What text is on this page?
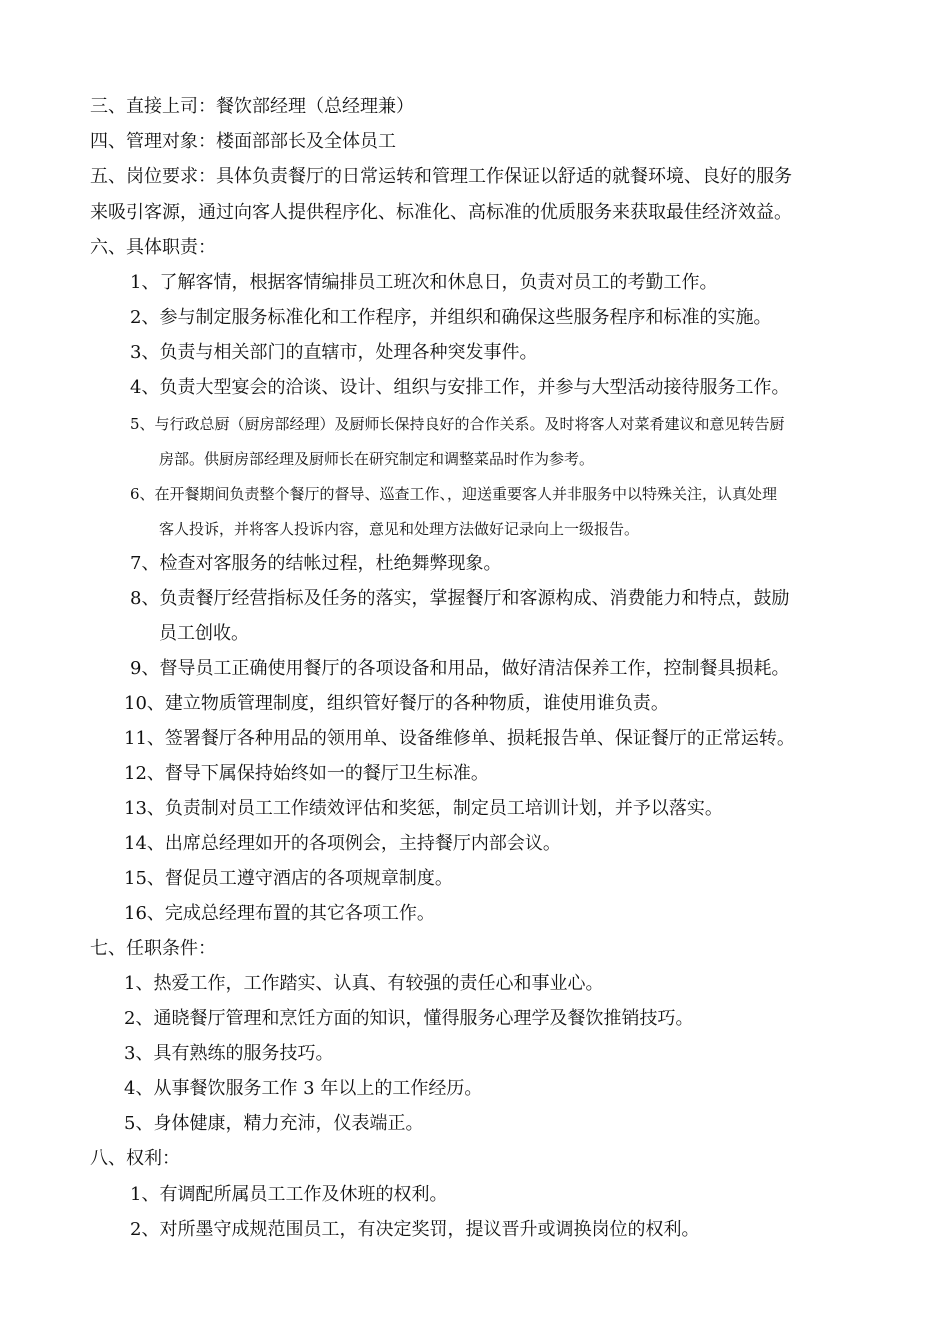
三、直接上司：餐饮部经理（总经理兼）
四、管理对象：楼面部部长及全体员工
五、岗位要求：具体负责餐厅的日常运转和管理工作保证以舒适的就餐环境、良好的服务
来吸引客源，通过向客人提供程序化、标准化、高标准的优质服务来获取最佳经济效益。
六、具体职责：
1、了解客情，根据客情编排员工班次和休息日，负责对员工的考勤工作。
2、参与制定服务标准化和工作程序，并组织和确保这些服务程序和标准的实施。
3、负责与相关部门的直辖市，处理各种突发事件。
4、负责大型宴会的洽谈、设计、组织与安排工作，并参与大型活动接待服务工作。
5、与行政总厨（厨房部经理）及厨师长保持良好的合作关系。及时将客人对菜肴建议和意见转告厨
房部。供厨房部经理及厨师长在研究制定和调整菜品时作为参考。
6、在开餐期间负责整个餐厅的督导、巡查工作、，迎送重要客人并非服务中以特殊关注，认真处理
客人投诉，并将客人投诉内容，意见和处理方法做好记录向上一级报告。
7、检查对客服务的结帐过程，杜绝舞弊现象。
8、负责餐厅经营指标及任务的落实，掌握餐厅和客源构成、消费能力和特点，鼓励
员工创收。
9、督导员工正确使用餐厅的各项设备和用品，做好清洁保养工作，控制餐具损耗。
10、建立物质管理制度，组织管好餐厅的各种物质，谁使用谁负责。
11、签署餐厅各种用品的领用单、设备维修单、损耗报告单、保证餐厅的正常运转。
12、督导下属保持始终如一的餐厅卫生标准。
13、负责制对员工工作绩效评估和奖惩，制定员工培训计划，并予以落实。
14、出席总经理如开的各项例会，主持餐厅内部会议。
15、督促员工遵守酒店的各项规章制度。
16、完成总经理布置的其它各项工作。
七、任职条件：
1、热爱工作，工作踏实、认真、有较强的责任心和事业心。
2、通晓餐厅管理和烹饪方面的知识，懂得服务心理学及餐饮推销技巧。
3、具有熟练的服务技巧。
4、从事餐饮服务工作 3 年以上的工作经历。
5、身体健康，精力充沛，仪表端正。
八、权利：
1、有调配所属员工工作及休班的权利。
2、对所墨守成规范围员工，有决定奖罚，提议晋升或调换岗位的权利。
